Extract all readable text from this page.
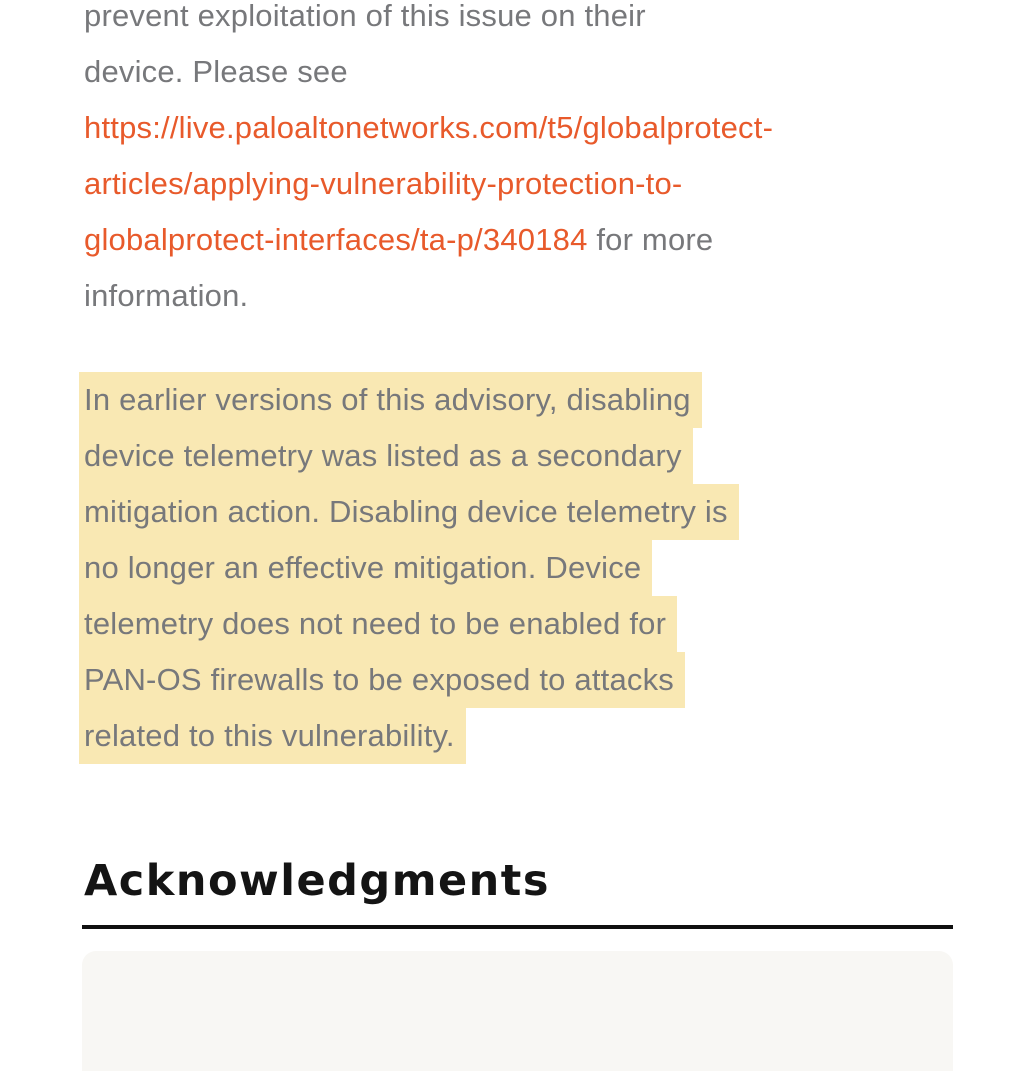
prevent exploitation of this issue on their
device. Please see
https://live.paloaltonetworks.com/t5/globalprotect-
articles/applying-vulnerability-protection-to-
globalprotect-interfaces/ta-p/340184 for more
information.
In earlier versions of this advisory, disabling
device telemetry was listed as a secondary
mitigation action. Disabling device telemetry is
no longer an effective mitigation. Device
telemetry does not need to be enabled for
PAN-OS firewalls to be exposed to attacks
related to this vulnerability.
Acknowledgments
